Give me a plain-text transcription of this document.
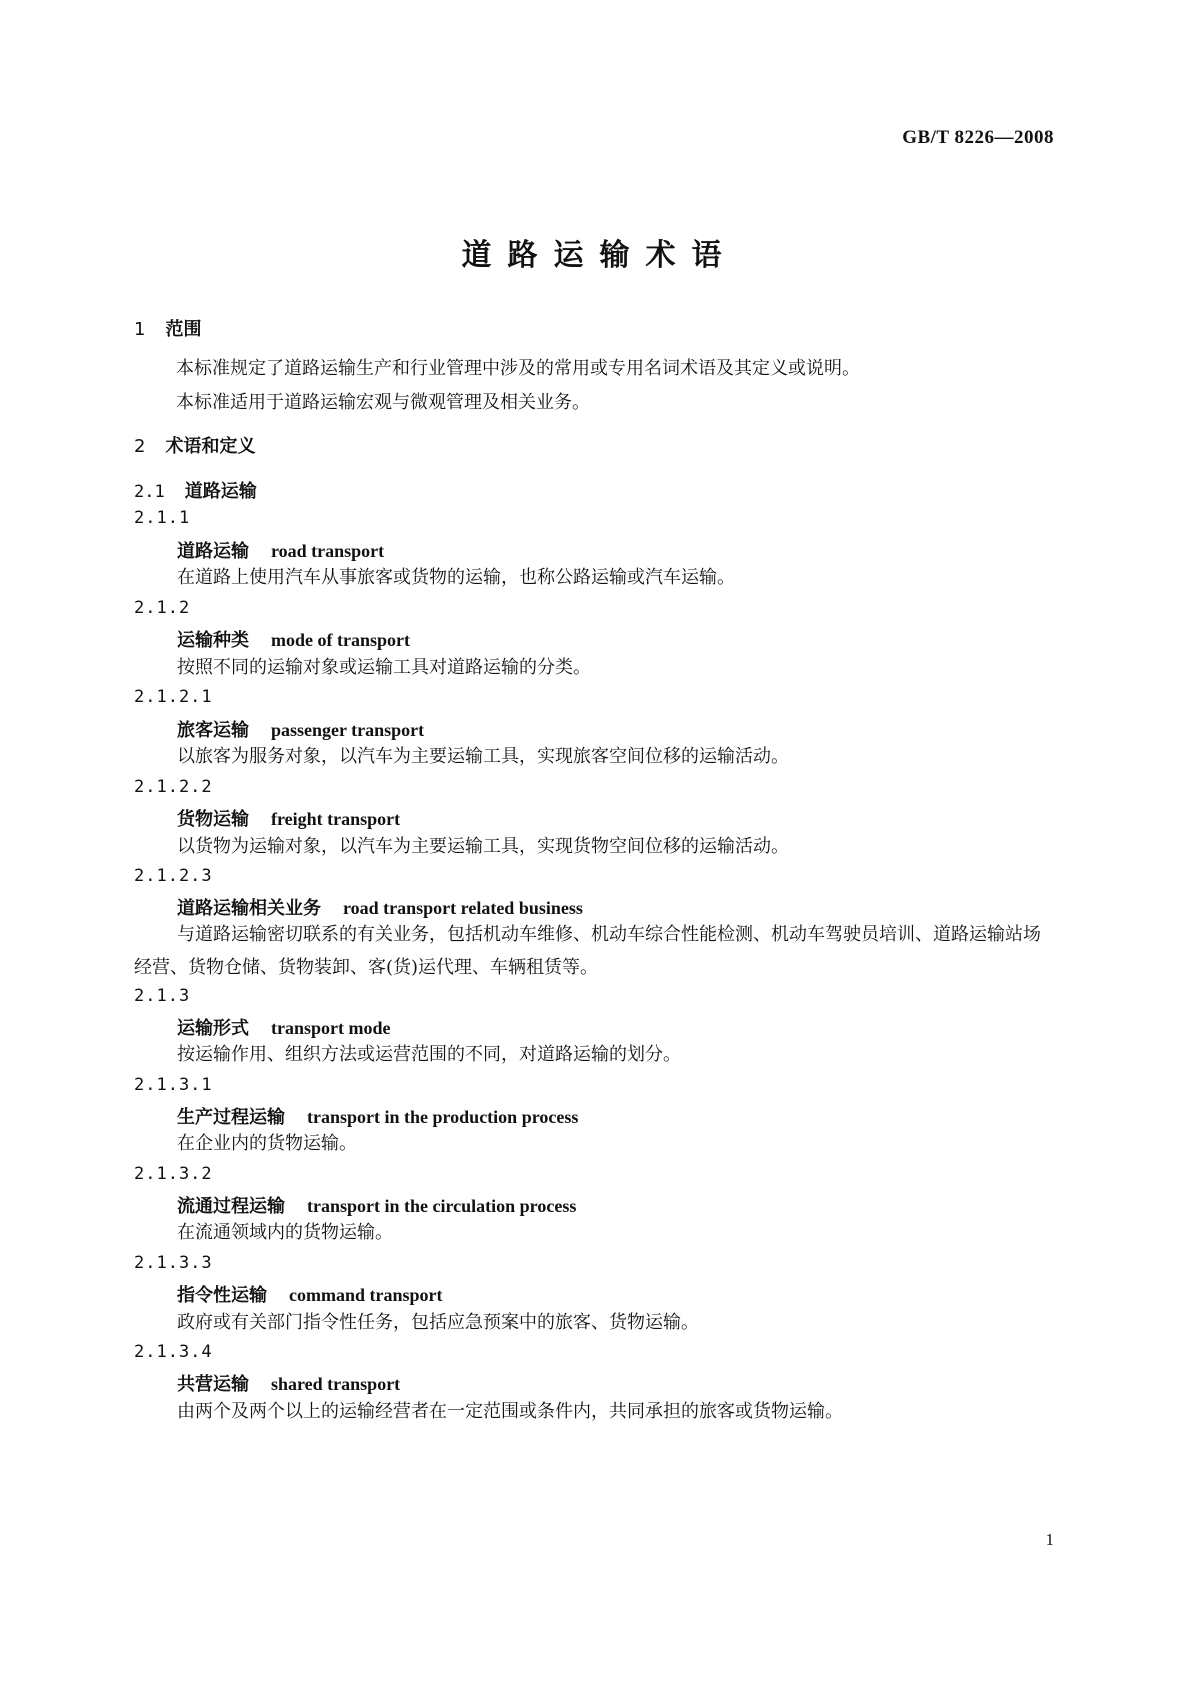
GB/T 8226—2008
道路运输术语
1 范围
本标准规定了道路运输生产和行业管理中涉及的常用或专用名词术语及其定义或说明。
本标准适用于道路运输宏观与微观管理及相关业务。
2 术语和定义
2.1 道路运输
2.1.1
道路运输 road transport
在道路上使用汽车从事旅客或货物的运输，也称公路运输或汽车运输。
2.1.2
运输种类 mode of transport
按照不同的运输对象或运输工具对道路运输的分类。
2.1.2.1
旅客运输 passenger transport
以旅客为服务对象，以汽车为主要运输工具，实现旅客空间位移的运输活动。
2.1.2.2
货物运输 freight transport
以货物为运输对象，以汽车为主要运输工具，实现货物空间位移的运输活动。
2.1.2.3
道路运输相关业务 road transport related business
与道路运输密切联系的有关业务，包括机动车维修、机动车综合性能检测、机动车驾驶员培训、道路运输站场经营、货物仓储、货物装卸、客(货)运代理、车辆租赁等。
2.1.3
运输形式 transport mode
按运输作用、组织方法或运营范围的不同，对道路运输的划分。
2.1.3.1
生产过程运输 transport in the production process
在企业内的货物运输。
2.1.3.2
流通过程运输 transport in the circulation process
在流通领域内的货物运输。
2.1.3.3
指令性运输 command transport
政府或有关部门指令性任务，包括应急预案中的旅客、货物运输。
2.1.3.4
共营运输 shared transport
由两个及两个以上的运输经营者在一定范围或条件内，共同承担的旅客或货物运输。
1
